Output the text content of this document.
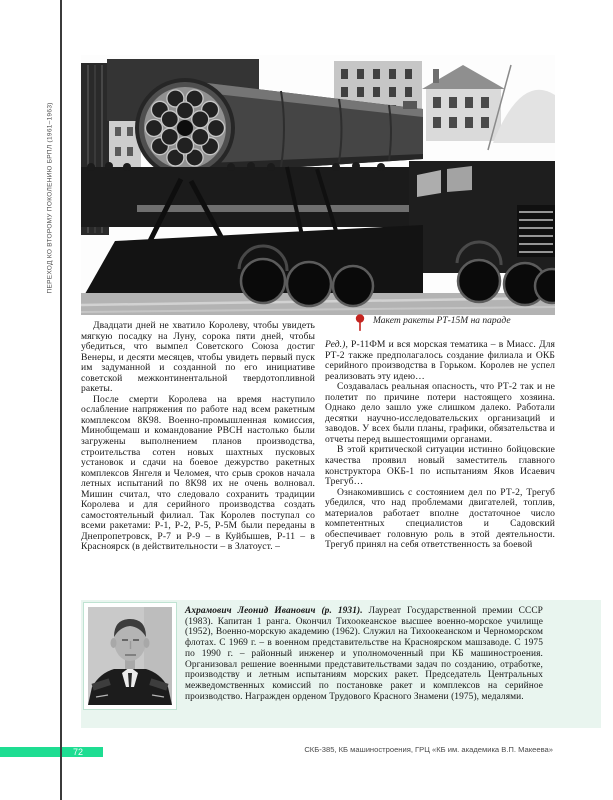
ПЕРЕХОД КО ВТОРОМУ ПОКОЛЕНИЮ БРПЛ (1961–1963)
Макет ракеты РТ-15М на параде

Двадцати дней не хватило Королеву, чтобы увидеть мягкую посадку на Луну, сорока пяти дней, чтобы убедиться, что вымпел Советского Союза достиг Венеры, и десяти месяцев, чтобы увидеть первый пуск им задуманной и созданной по его инициативе советской межконтинентальной твердотопливной ракеты.

После смерти Королева на время наступило ослабление напряжения по работе над всем ракетным комплексом 8К98. Военно-промышленная комиссия, Минобщемаш и командование РВСН настолько были загружены выполнением планов производства, строительства сотен новых шахтных пусковых установок и сдачи на боевое дежурство ракетных комплексов Янгеля и Челомея, что срыв сроков начала летных испытаний по 8К98 их не очень волновал. Мишин считал, что следовало сохранить традиции Королева и для серийного производства создать самостоятельный филиал. Так Королев поступал со всеми ракетами: Р-1, Р-2, Р-5, Р-5М были переданы в Днепропетровск, Р-7 и Р-9 – в Куйбышев, Р-11 – в Красноярск (в действительности – в Златоуст. –

Ред.), Р-11ФМ и вся морская тематика – в Миасс. Для РТ-2 также предполагалось создание филиала и ОКБ серийного производства в Горьком. Королев не успел реализовать эту идею…

Создавалась реальная опасность, что РТ-2 так и не полетит по причине потери настоящего хозяина. Однако дело зашло уже слишком далеко. Работали десятки научно-исследовательских организаций и заводов. У всех были планы, графики, обязательства и отчеты перед вышестоящими органами.

В этой критической ситуации истинно бойцовские качества проявил новый заместитель главного конструктора ОКБ-1 по испытаниям Яков Исаевич Трегуб…

Ознакомившись с состоянием дел по РТ-2, Трегуб убедился, что над проблемами двигателей, топлив, материалов работает вполне достаточное число компетентных специалистов и Садовский обеспечивает головную роль в этой деятельности. Трегуб принял на себя ответственность за боевой

Ахрамович Леонид Иванович (р. 1931). Лауреат Государственной премии СССР (1983). Капитан 1 ранга. Окончил Тихоокеанское высшее военно-морское училище (1952), Военно-морскую академию (1962). Служил на Тихоокеанском и Черноморском флотах. С 1969 г. – в военном представительстве на Красноярском машзаводе. С 1975 по 1990 г. – районный инженер и уполномоченный при КБ машиностроения. Организовал решение военными представительствами задач по созданию, отработке, производству и летным испытаниям морских ракет. Председатель Центральных межведомственных комиссий по постановке ракет и комплексов на серийное производство. Награжден орденом Трудового Красного Знамени (1975), медалями.
72	СКБ-385, КБ машиностроения, ГРЦ «КБ им. академика В.П. Макеева»
